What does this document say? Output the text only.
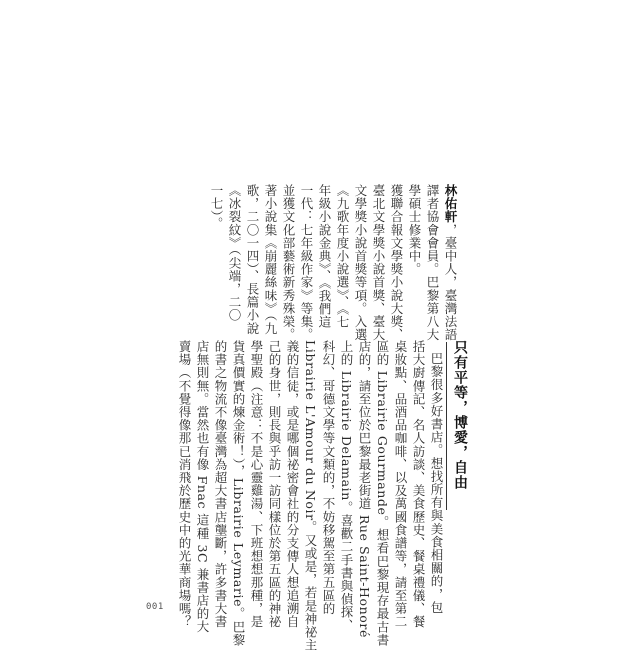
林佑軒，臺中人，臺灣法語
譯者協會會員。巴黎第八大
學碩士修業中。
獲聯合報文學獎小說大獎、
臺北文學獎小說首獎、臺大
文學獎小說首獎等項。入選
《九歌年度小說選》、《七
年級小說金典》、《我們這
一代：七年級作家》等集。
並獲文化部藝術新秀殊榮。
著小說集《崩麗絲味》（九
歌，二〇一四）、長篇小說
《冰裂紋》（尖端，二〇
一七）。
只有平等，博愛，自由
巴黎很多好書店。想找所有與美食相關的，包
括大廚傳記、名人訪談、美食歷史、餐桌禮儀、餐
桌妝點、品酒品咖啡、以及萬國食譜等，請至第二
區的 Librairie Gourmande。想看巴黎現存最古書
店的，請至位於巴黎最老街道 Rue Saint-Honoré
上的 Librairie Delamain。喜歡二手書與偵探、
科幻、哥德文學等文類的，不妨移駕至第五區的
Librairie L'Amour du Noir。又或是，若是神祕主
義的信徒，或是哪個祕密會社的分支傳人想追溯自
己的身世，則長與乎訪一訪同樣位於第五區的神祕
學聖殿（注意：不是心靈雞湯、下班想想那種，是
貨真價實的煉金術！），Librairie Leymarie。巴黎
的書之物流不像臺灣為超大書店壟斷，許多書大書
店無則無。當然也有像 Fnac 這種 3C 兼書店的大
賣場（不覺得像那已消飛於歷史中的光華商場嗎？
001
